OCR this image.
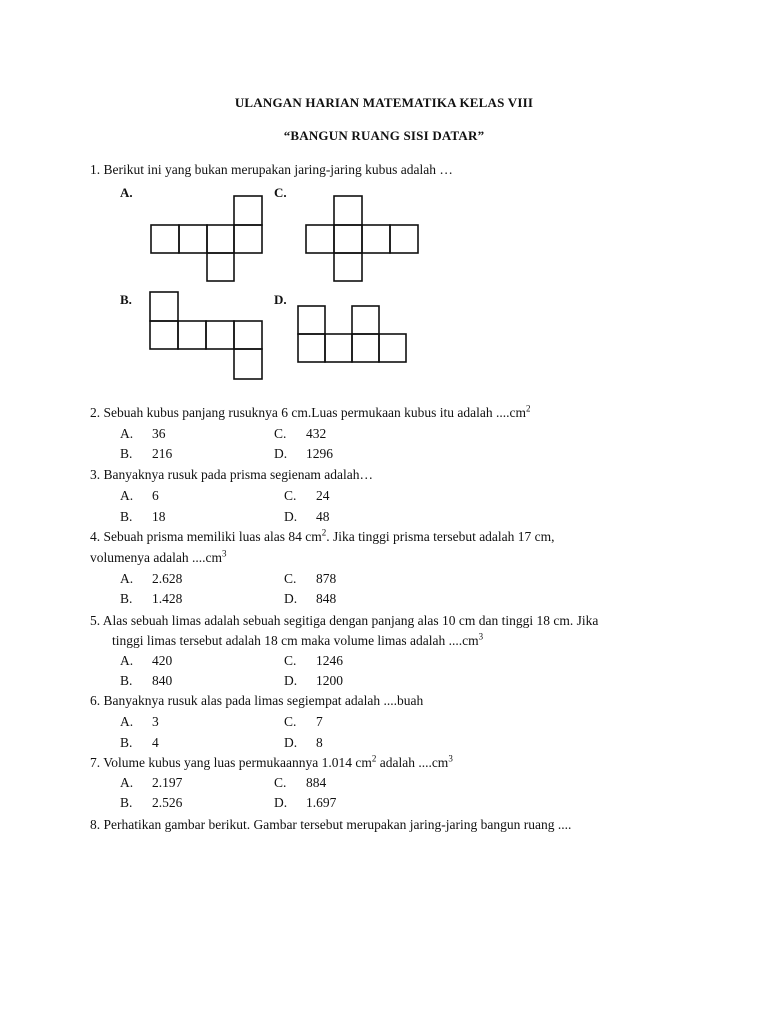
ULANGAN HARIAN MATEMATIKA KELAS VIII
“BANGUN RUANG SISI DATAR”
1. Berikut ini yang bukan merupakan jaring-jaring kubus adalah …
A.	C.
B.	D.
2. Sebuah kubus panjang rusuknya 6 cm.Luas permukaan kubus itu adalah $....cm^2$
A. 36	C. 432
B. 216	D. 1296
3. Banyaknya rusuk pada prisma segienam adalah…
A. 6	C. 24
B. 18	D. 48
4. Sebuah prisma memiliki luas alas 84 $cm^2$. Jika tinggi prisma tersebut adalah 17 cm,
volumenya adalah $....cm^3$
A. 2.628	C. 878
B. 1.428	D. 848
5. Alas sebuah limas adalah sebuah segitiga dengan panjang alas 10 cm dan tinggi 18 cm. Jika
tinggi limas tersebut adalah 18 cm maka volume limas adalah $....cm^3$
A. 420	C. 1246
B. 840	D. 1200
6. Banyaknya rusuk alas pada limas segiempat adalah ....buah
A. 3	C. 7
B. 4	D. 8
7. Volume kubus yang luas permukaannya 1.014 $cm^2$ adalah $....cm^3$
A. 2.197	C. 884
B. 2.526	D. 1.697
8. Perhatikan gambar berikut. Gambar tersebut merupakan jaring-jaring bangun ruang ....
